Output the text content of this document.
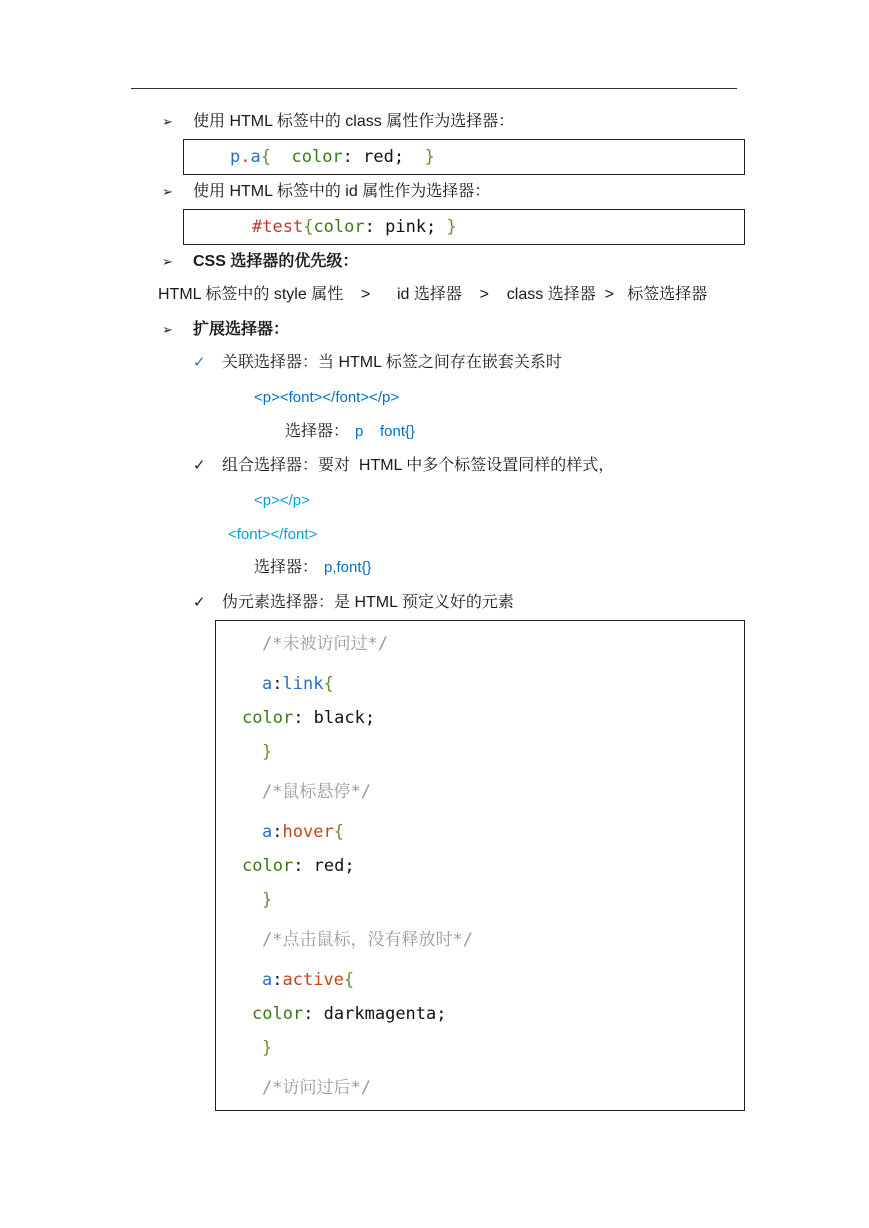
➢ 使用 HTML 标签中的 class 属性作为选择器：
p.a{ color: red; }
➢ 使用 HTML 标签中的 id 属性作为选择器：
#test{color: pink; }
➢ CSS 选择器的优先级：
HTML 标签中的 style 属性    >      id 选择器    >    class 选择器  >   标签选择器
➢ 扩展选择器：
✓ 关联选择器：当 HTML 标签之间存在嵌套关系时
<p><font></font></p>
选择器： p    font{}
✓ 组合选择器：要对  HTML 中多个标签设置同样的样式，
<p></p>
<font></font>
选择器： p,font{}
✓ 伪元素选择器：是 HTML 预定义好的元素
/*未被访问过*/
a:link{
color: black;
}
/*鼠标悬停*/
a:hover{
color: red;
}
/*点击鼠标，没有释放时*/
a:active{
color: darkmagenta;
}
/*访问过后*/
